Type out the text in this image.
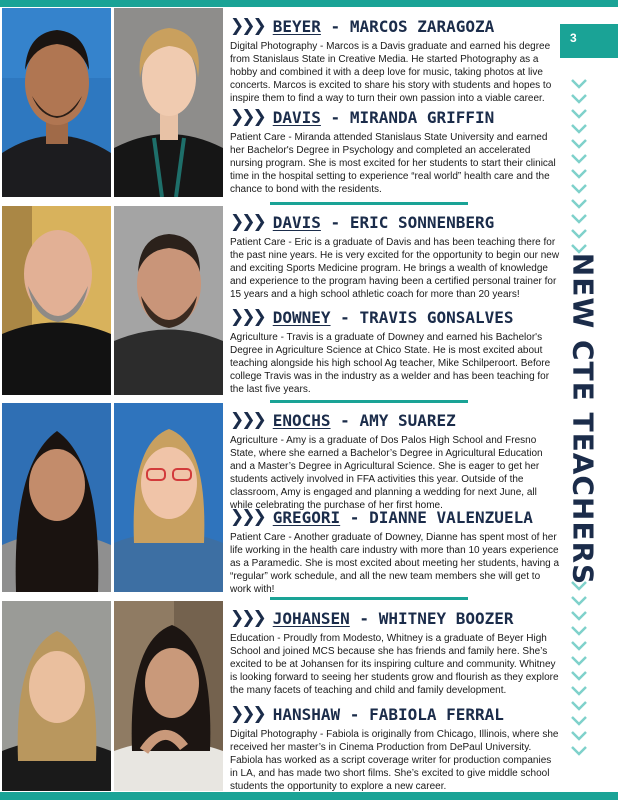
3
NEW CTE TEACHERS
❯❯❯ BEYER - MARCOS ZARAGOZA

Digital Photography - Marcos is a Davis graduate and earned his degree from Stanislaus State in Creative Media. He started Photography as a hobby and combined it with a deep love for music, taking photos at live concerts. Marcos is excited to share his story with students and hopes to inspire them to find a way to turn their own passion into a viable career.

❯❯❯ DAVIS - MIRANDA GRIFFIN

Patient Care - Miranda attended Stanislaus State University and earned her Bachelor's Degree in Psychology and completed an accelerated nursing program. She is most excited for her students to start their clinical time in the hospital setting to experience “real world” health care and the chance to bond with the residents.

❯❯❯ DAVIS - ERIC SONNENBERG

Patient Care - Eric is a graduate of Davis and has been teaching there for the past nine years. He is very excited for the opportunity to begin our new and exciting Sports Medicine program. He brings a wealth of knowledge and experience to the program having been a certified personal trainer for 15 years and a high school athletic coach for more than 20 years!

❯❯❯ DOWNEY - TRAVIS GONSALVES

Agriculture - Travis is a graduate of Downey and earned his Bachelor's Degree in Agriculture Science at Chico State. He is most excited about teaching alongside his high school Ag teacher, Mike Schilperoort. Before college Travis was in the industry as a welder and has been teaching for the last five years.

❯❯❯ ENOCHS - AMY SUAREZ

Agriculture - Amy is a graduate of Dos Palos High School and Fresno State, where she earned a Bachelor’s Degree in Agricultural Education and a Master’s Degree in Agricultural Science. She is eager to get her students actively involved in FFA activities this year. Outside of the classroom, Amy is engaged and planning a wedding for next June, all while celebrating the purchase of her first home.

❯❯❯ GREGORI - DIANNE VALENZUELA

Patient Care - Another graduate of Downey, Dianne has spent most of her life working in the health care industry with more than 10 years experience as a Paramedic. She is most excited about meeting her students, having a “regular” work schedule, and all the new team members she will get to work with!

❯❯❯ JOHANSEN - WHITNEY BOOZER

Education - Proudly from Modesto, Whitney is a graduate of Beyer High School and joined MCS because she has friends and family here. She’s excited to be at Johansen for its inspiring culture and community. Whitney is looking forward to seeing her students grow and flourish as they explore the many facets of teaching and child and family development.

❯❯❯ HANSHAW - FABIOLA FERRAL

Digital Photography - Fabiola is originally from Chicago, Illinois, where she received her master’s in Cinema Production from DePaul University. Fabiola has worked as a script coverage writer for production companies in LA, and has made two short films. She’s excited to give middle school students the opportunity to explore a new career.
